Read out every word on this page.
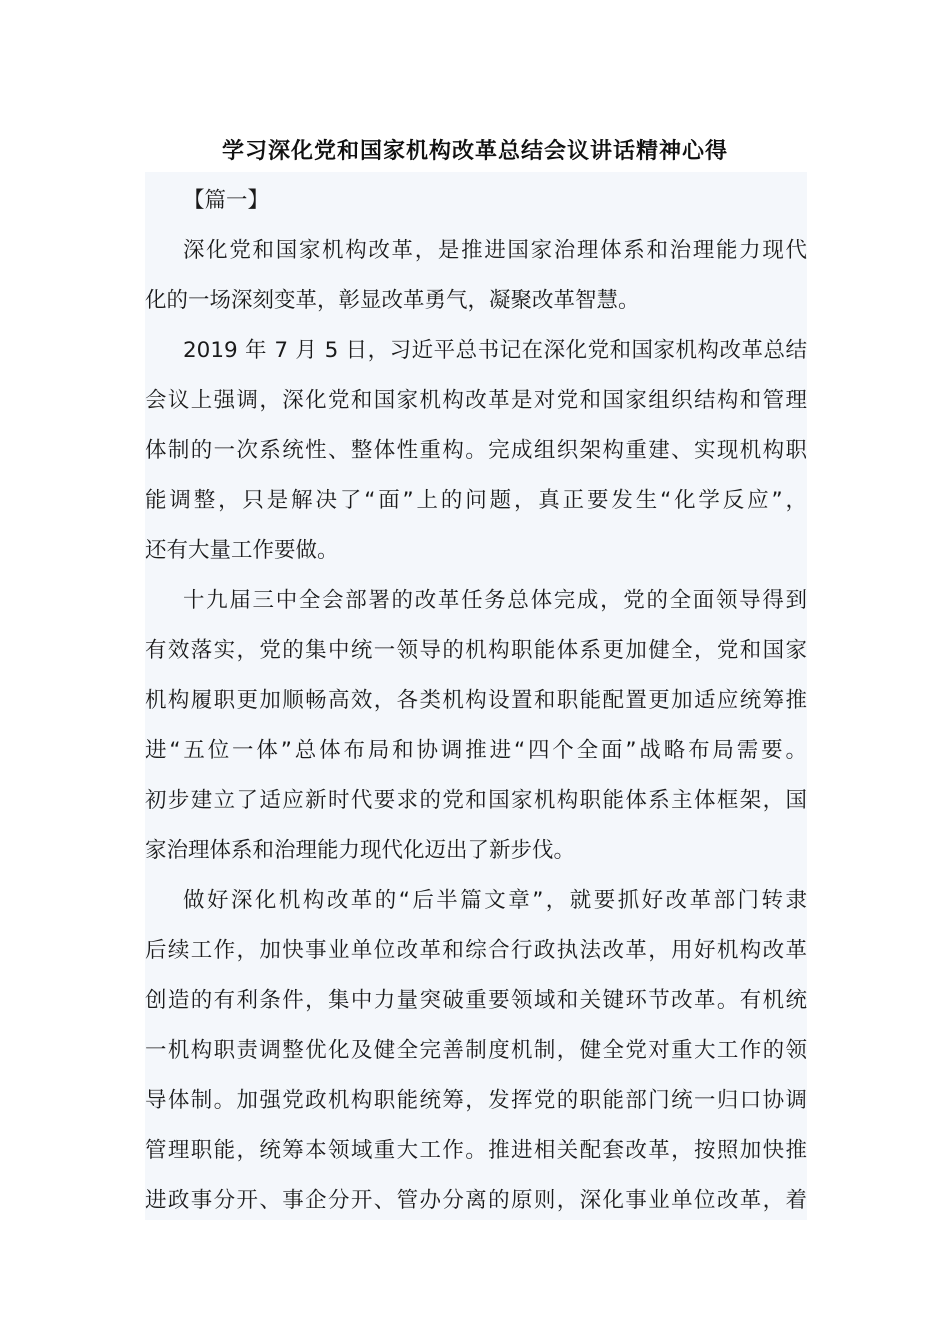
学习深化党和国家机构改革总结会议讲话精神心得
【篇一】
深化党和国家机构改革，是推进国家治理体系和治理能力现代
化的一场深刻变革，彰显改革勇气，凝聚改革智慧。
2019 年 7 月 5 日，习近平总书记在深化党和国家机构改革总结
会议上强调，深化党和国家机构改革是对党和国家组织结构和管理
体制的一次系统性、整体性重构。完成组织架构重建、实现机构职
能调整，只是解决了“面”上的问题，真正要发生“化学反应”，
还有大量工作要做。
十九届三中全会部署的改革任务总体完成，党的全面领导得到
有效落实，党的集中统一领导的机构职能体系更加健全，党和国家
机构履职更加顺畅高效，各类机构设置和职能配置更加适应统筹推
进“五位一体”总体布局和协调推进“四个全面”战略布局需要。
初步建立了适应新时代要求的党和国家机构职能体系主体框架，国
家治理体系和治理能力现代化迈出了新步伐。
做好深化机构改革的“后半篇文章”，就要抓好改革部门转隶
后续工作，加快事业单位改革和综合行政执法改革，用好机构改革
创造的有利条件，集中力量突破重要领域和关键环节改革。有机统
一机构职责调整优化及健全完善制度机制，健全党对重大工作的领
导体制。加强党政机构职能统筹，发挥党的职能部门统一归口协调
管理职能，统筹本领域重大工作。推进相关配套改革，按照加快推
进政事分开、事企分开、管办分离的原则，深化事业单位改革，着
